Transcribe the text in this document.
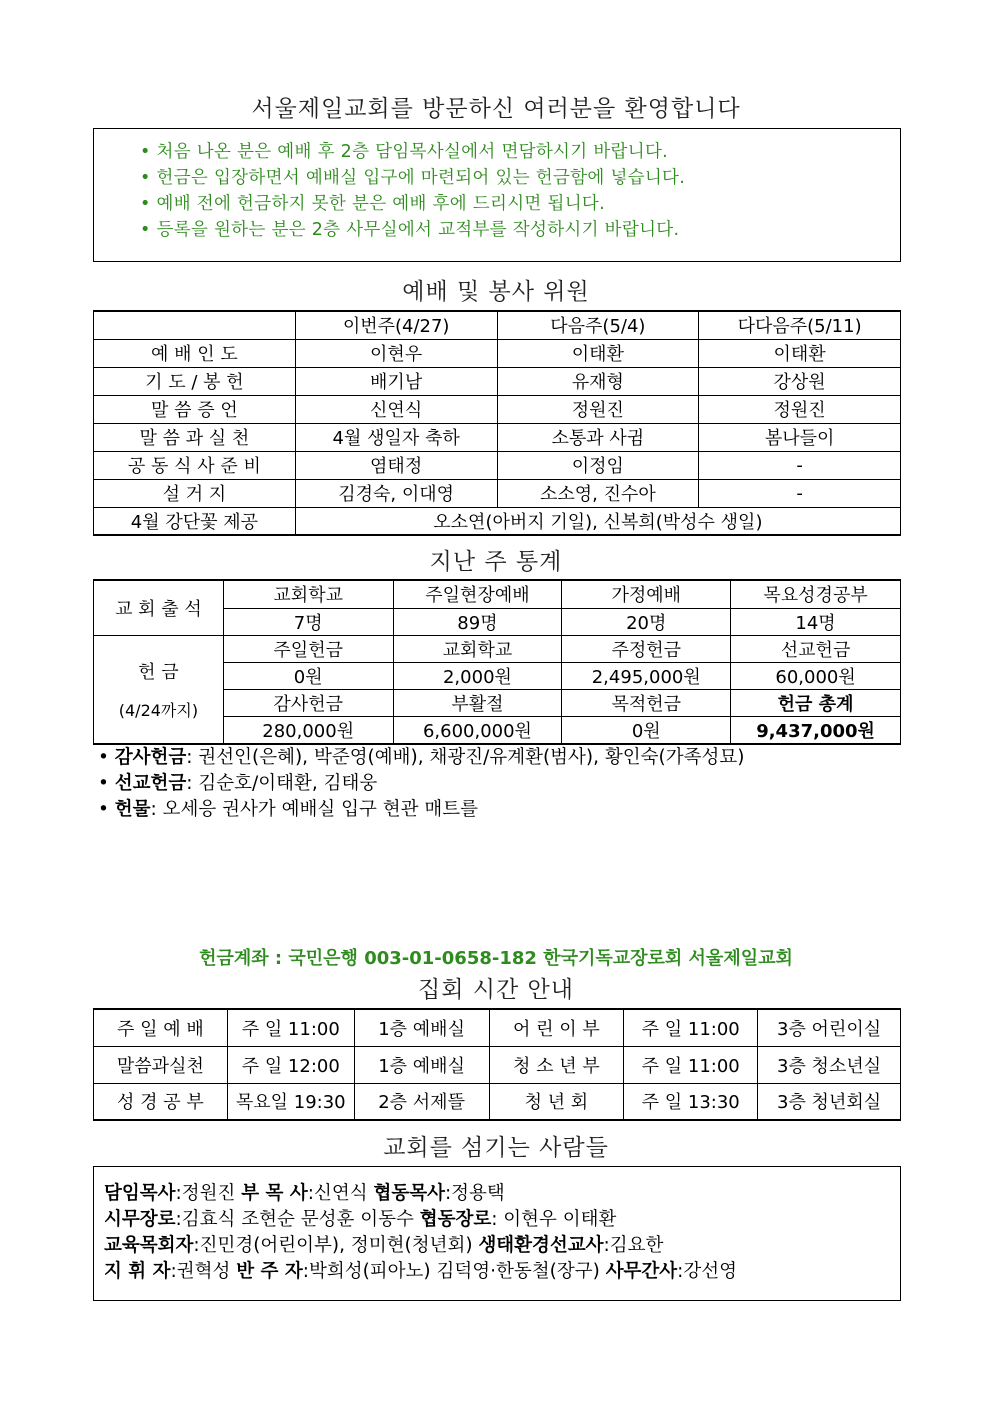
서울제일교회를 방문하신 여러분을 환영합니다
• 처음 나온 분은 예배 후 2층 담임목사실에서 면담하시기 바랍니다.
• 헌금은 입장하면서 예배실 입구에 마련되어 있는 헌금함에 넣습니다.
• 예배 전에 헌금하지 못한 분은 예배 후에 드리시면 됩니다.
• 등록을 원하는 분은 2층 사무실에서 교적부를 작성하시기 바랍니다.
예배 및 봉사 위원
	이번주(4/27)	다음주(5/4)	다다음주(5/11)
예 배 인 도	이현우	이태환	이태환
기 도 / 봉 헌	배기남	유재형	강상원
말 씀 증 언	신연식	정원진	정원진
말 씀 과 실 천	4월 생일자 축하	소통과 사귐	봄나들이
공 동 식 사 준 비	염태정	이정임	-
설 거 지	김경숙, 이대영	소소영, 진수아	-
4월 강단꽃 제공	오소연(아버지 기일), 신복희(박성수 생일)		
지난 주 통계
교 회 출 석	교회학교	주일현장예배	가정예배	목요성경공부
	7명	89명	20명	14명

헌 금
(4/24까지)	주일헌금	교회학교	주정헌금	선교헌금
	0원	2,000원	2,495,000원	60,000원
	감사헌금	부활절	목적헌금	헌금 총계
	280,000원	6,600,000원	0원	9,437,000원
• 감사헌금: 권선인(은혜), 박준영(예배), 채광진/유계환(범사), 황인숙(가족성묘)
• 선교헌금: 김순호/이태환, 김태웅
• 헌물: 오세응 권사가 예배실 입구 현관 매트를
헌금계좌 : 국민은행 003-01-0658-182 한국기독교장로회 서울제일교회
집회 시간 안내
주 일 예 배	주 일 11:00	1층 예배실	어 린 이 부	주 일 11:00	3층 어린이실
말씀과실천	주 일 12:00	1층 예배실	청 소 년 부	주 일 11:00	3층 청소년실
성 경 공 부	목요일 19:30	2층 서제뜰	청 년 회	주 일 13:30	3층 청년회실
교회를 섬기는 사람들
담임목사:정원진 부 목 사:신연식 협동목사:정용택
시무장로:김효식 조현순 문성훈 이동수 협동장로: 이현우 이태환
교육목회자:진민경(어린이부), 정미현(청년회) 생태환경선교사:김요한
지 휘 자:권혁성 반 주 자:박희성(피아노) 김덕영·한동철(장구) 사무간사:강선영
